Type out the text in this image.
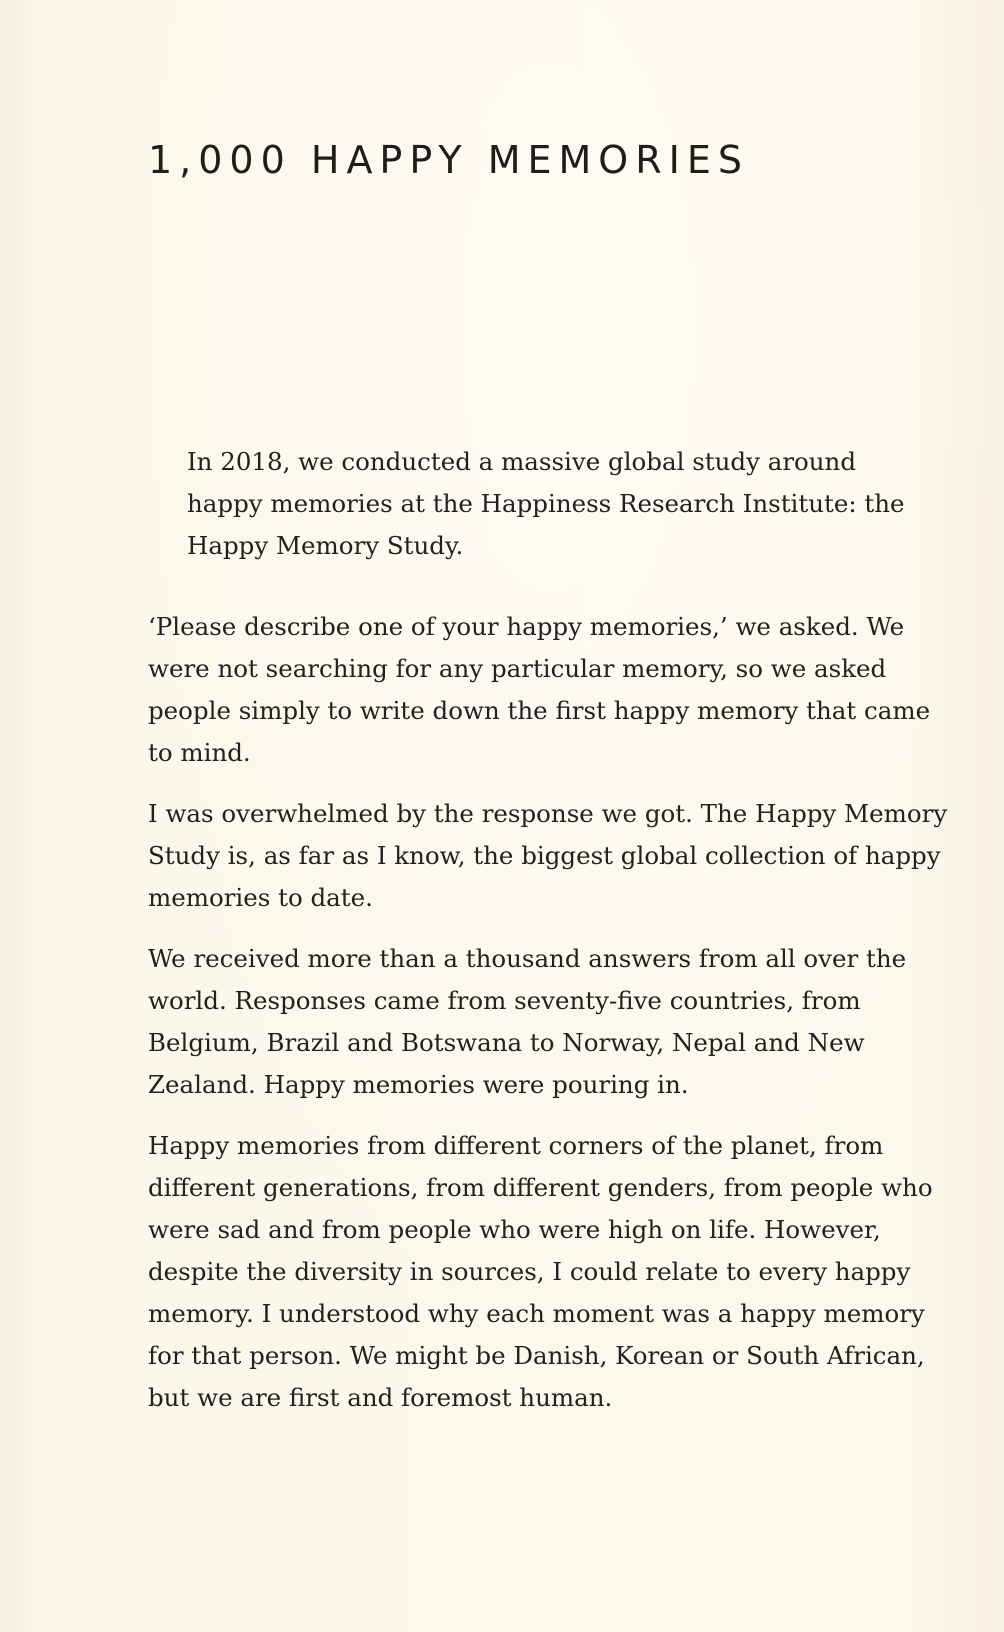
1,000 HAPPY MEMORIES

In 2018, we conducted a massive global study around happy memories at the Happiness Research Institute: the Happy Memory Study.

‘Please describe one of your happy memories,’ we asked. We were not searching for any particular memory, so we asked people simply to write down the first happy memory that came to mind.

I was overwhelmed by the response we got. The Happy Memory Study is, as far as I know, the biggest global collection of happy memories to date.

We received more than a thousand answers from all over the world. Responses came from seventy-five countries, from Belgium, Brazil and Botswana to Norway, Nepal and New Zealand. Happy memories were pouring in.

Happy memories from different corners of the planet, from different generations, from different genders, from people who were sad and from people who were high on life. However, despite the diversity in sources, I could relate to every happy memory. I understood why each moment was a happy memory for that person. We might be Danish, Korean or South African, but we are first and foremost human.
